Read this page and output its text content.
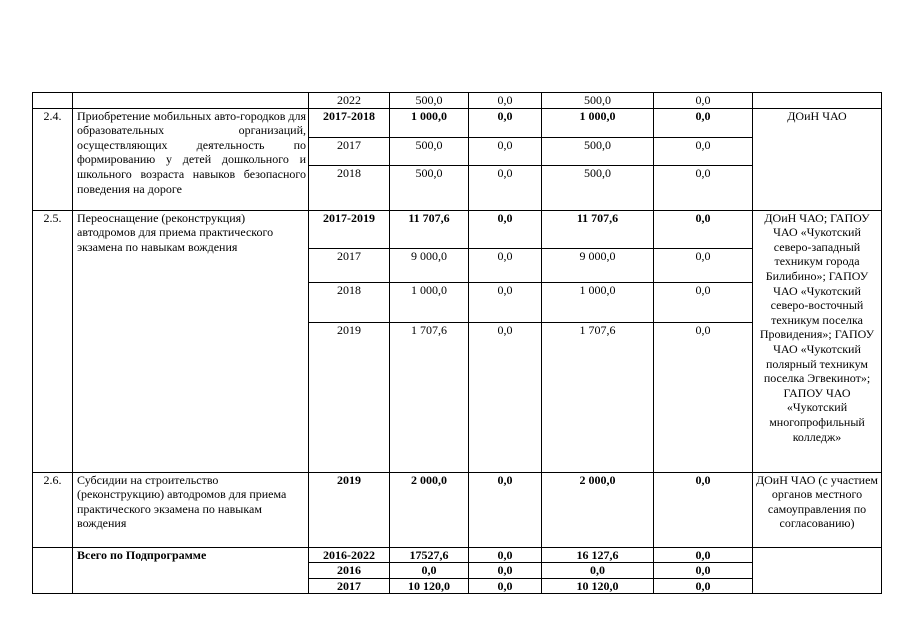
		2022	500,0	0,0	500,0	0,0	
2.4.	Приобретение мобильных авто-городков для образовательных организаций, осуществляющих деятельность по формированию у детей дошкольного и школьного возраста навыков безопасного поведения на дороге	2017-2018	1 000,0	0,0	1 000,0	0,0	ДОиН ЧАО
		2017	500,0	0,0	500,0	0,0	
		2018	500,0	0,0	500,0	0,0	
2.5.	Переоснащение (реконструкция) автодромов для приема практического экзамена по навыкам вождения	2017-2019	11 707,6	0,0	11 707,6	0,0	ДОиН ЧАО; ГАПОУ ЧАО «Чукотский северо-западный техникум города Билибино»; ГАПОУ ЧАО «Чукотский северо-восточный техникум поселка Провидения»; ГАПОУ ЧАО «Чукотский полярный техникум поселка Эгвекинот»; ГАПОУ ЧАО «Чукотский многопрофильный колледж»
		2017	9 000,0	0,0	9 000,0	0,0	
		2018	1 000,0	0,0	1 000,0	0,0	
		2019	1 707,6	0,0	1 707,6	0,0	
2.6.	Субсидии на строительство (реконструкцию) автодромов для приема практического экзамена по навыкам вождения	2019	2 000,0	0,0	2 000,0	0,0	ДОиН ЧАО (с участием органов местного самоуправления по согласованию)
	Всего по Подпрограмме	2016-2022	17527,6	0,0	16 127,6	0,0	
		2016	0,0	0,0	0,0	0,0	
		2017	10 120,0	0,0	10 120,0	0,0	
